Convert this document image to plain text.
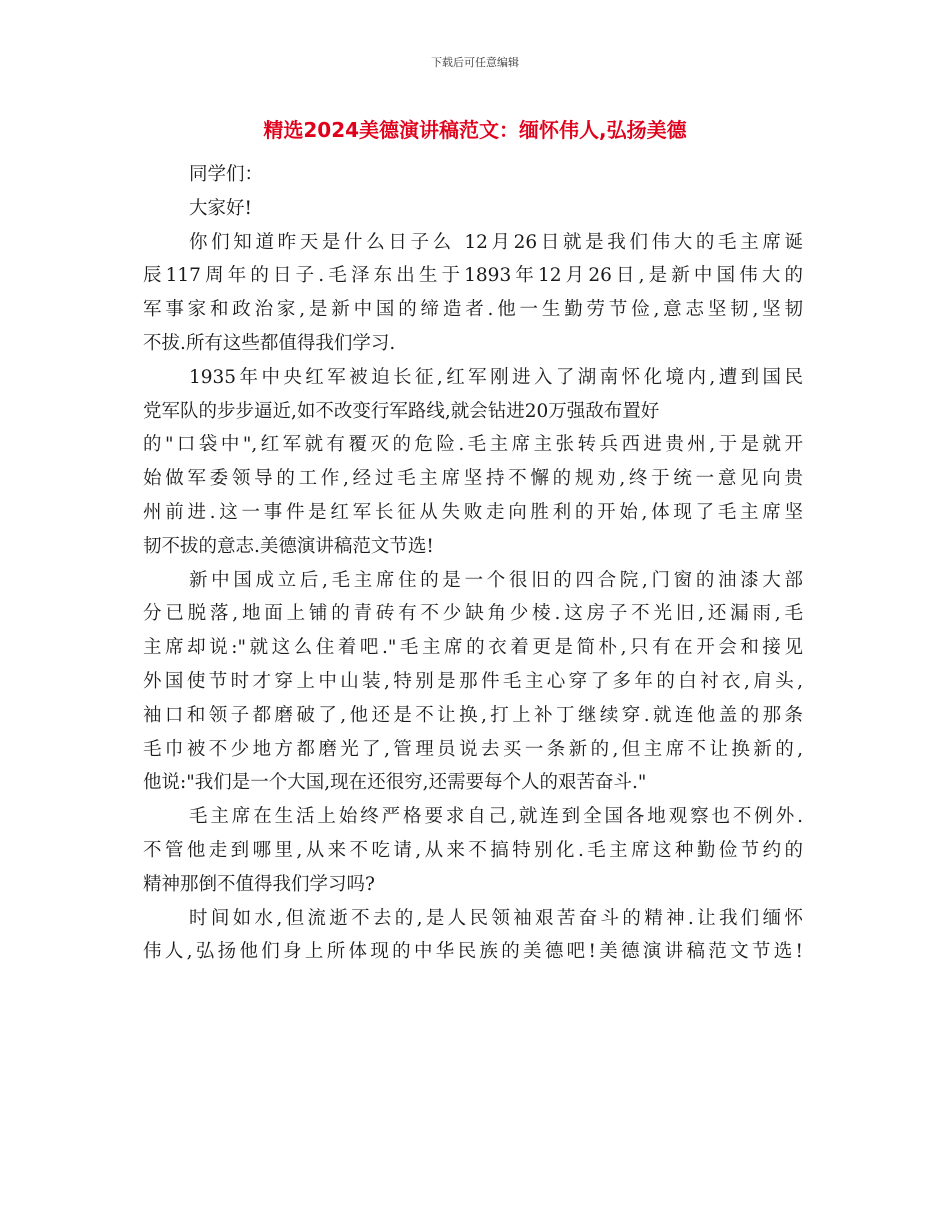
下载后可任意编辑
精选2024美德演讲稿范文：缅怀伟人,弘扬美德
同学们：
大家好!
你们知道昨天是什么日子么 12月26日就是我们伟大的毛主席诞
辰117周年的日子.毛泽东出生于1893年12月26日,是新中国伟大的
军事家和政治家,是新中国的缔造者.他一生勤劳节俭,意志坚韧,坚韧
不拔.所有这些都值得我们学习.
1935年中央红军被迫长征,红军刚进入了湖南怀化境内,遭到国民
党军队的步步逼近,如不改变行军路线,就会钻进20万强敌布置好
的"口袋中",红军就有覆灭的危险.毛主席主张转兵西进贵州,于是就开
始做军委领导的工作,经过毛主席坚持不懈的规劝,终于统一意见向贵
州前进.这一事件是红军长征从失败走向胜利的开始,体现了毛主席坚
韧不拔的意志.美德演讲稿范文节选!
新中国成立后,毛主席住的是一个很旧的四合院,门窗的油漆大部
分已脱落,地面上铺的青砖有不少缺角少棱.这房子不光旧,还漏雨,毛
主席却说:"就这么住着吧."毛主席的衣着更是简朴,只有在开会和接见
外国使节时才穿上中山装,特别是那件毛主心穿了多年的白衬衣,肩头,
袖口和领子都磨破了,他还是不让换,打上补丁继续穿.就连他盖的那条
毛巾被不少地方都磨光了,管理员说去买一条新的,但主席不让换新的,
他说:"我们是一个大国,现在还很穷,还需要每个人的艰苦奋斗."
毛主席在生活上始终严格要求自己,就连到全国各地观察也不例外.
不管他走到哪里,从来不吃请,从来不搞特别化.毛主席这种勤俭节约的
精神那倒不值得我们学习吗?
时间如水,但流逝不去的,是人民领袖艰苦奋斗的精神.让我们缅怀
伟人,弘扬他们身上所体现的中华民族的美德吧!美德演讲稿范文节选!
